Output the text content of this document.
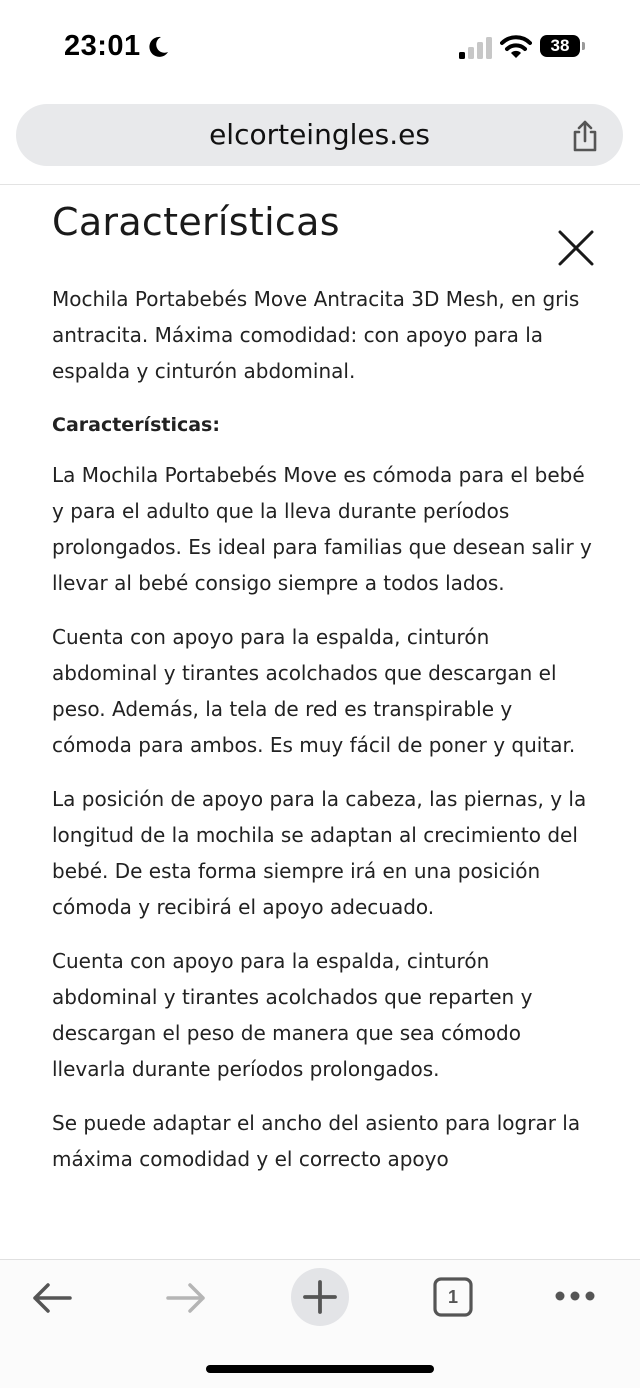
23:01	38
elcorteingles.es
Características

Mochila Portabebés Move Antracita 3D Mesh, en gris antracita. Máxima comodidad: con apoyo para la espalda y cinturón abdominal.

Características:

La Mochila Portabebés Move es cómoda para el bebé y para el adulto que la lleva durante períodos prolongados. Es ideal para familias que desean salir y llevar al bebé consigo siempre a todos lados.

Cuenta con apoyo para la espalda, cinturón abdominal y tirantes acolchados que descargan el peso. Además, la tela de red es transpirable y cómoda para ambos. Es muy fácil de poner y quitar.

La posición de apoyo para la cabeza, las piernas, y la longitud de la mochila se adaptan al crecimiento del bebé. De esta forma siempre irá en una posición cómoda y recibirá el apoyo adecuado.

Cuenta con apoyo para la espalda, cinturón abdominal y tirantes acolchados que reparten y descargan el peso de manera que sea cómodo llevarla durante períodos prolongados.

Se puede adaptar el ancho del asiento para lograr la máxima comodidad y el correcto apoyo

1
